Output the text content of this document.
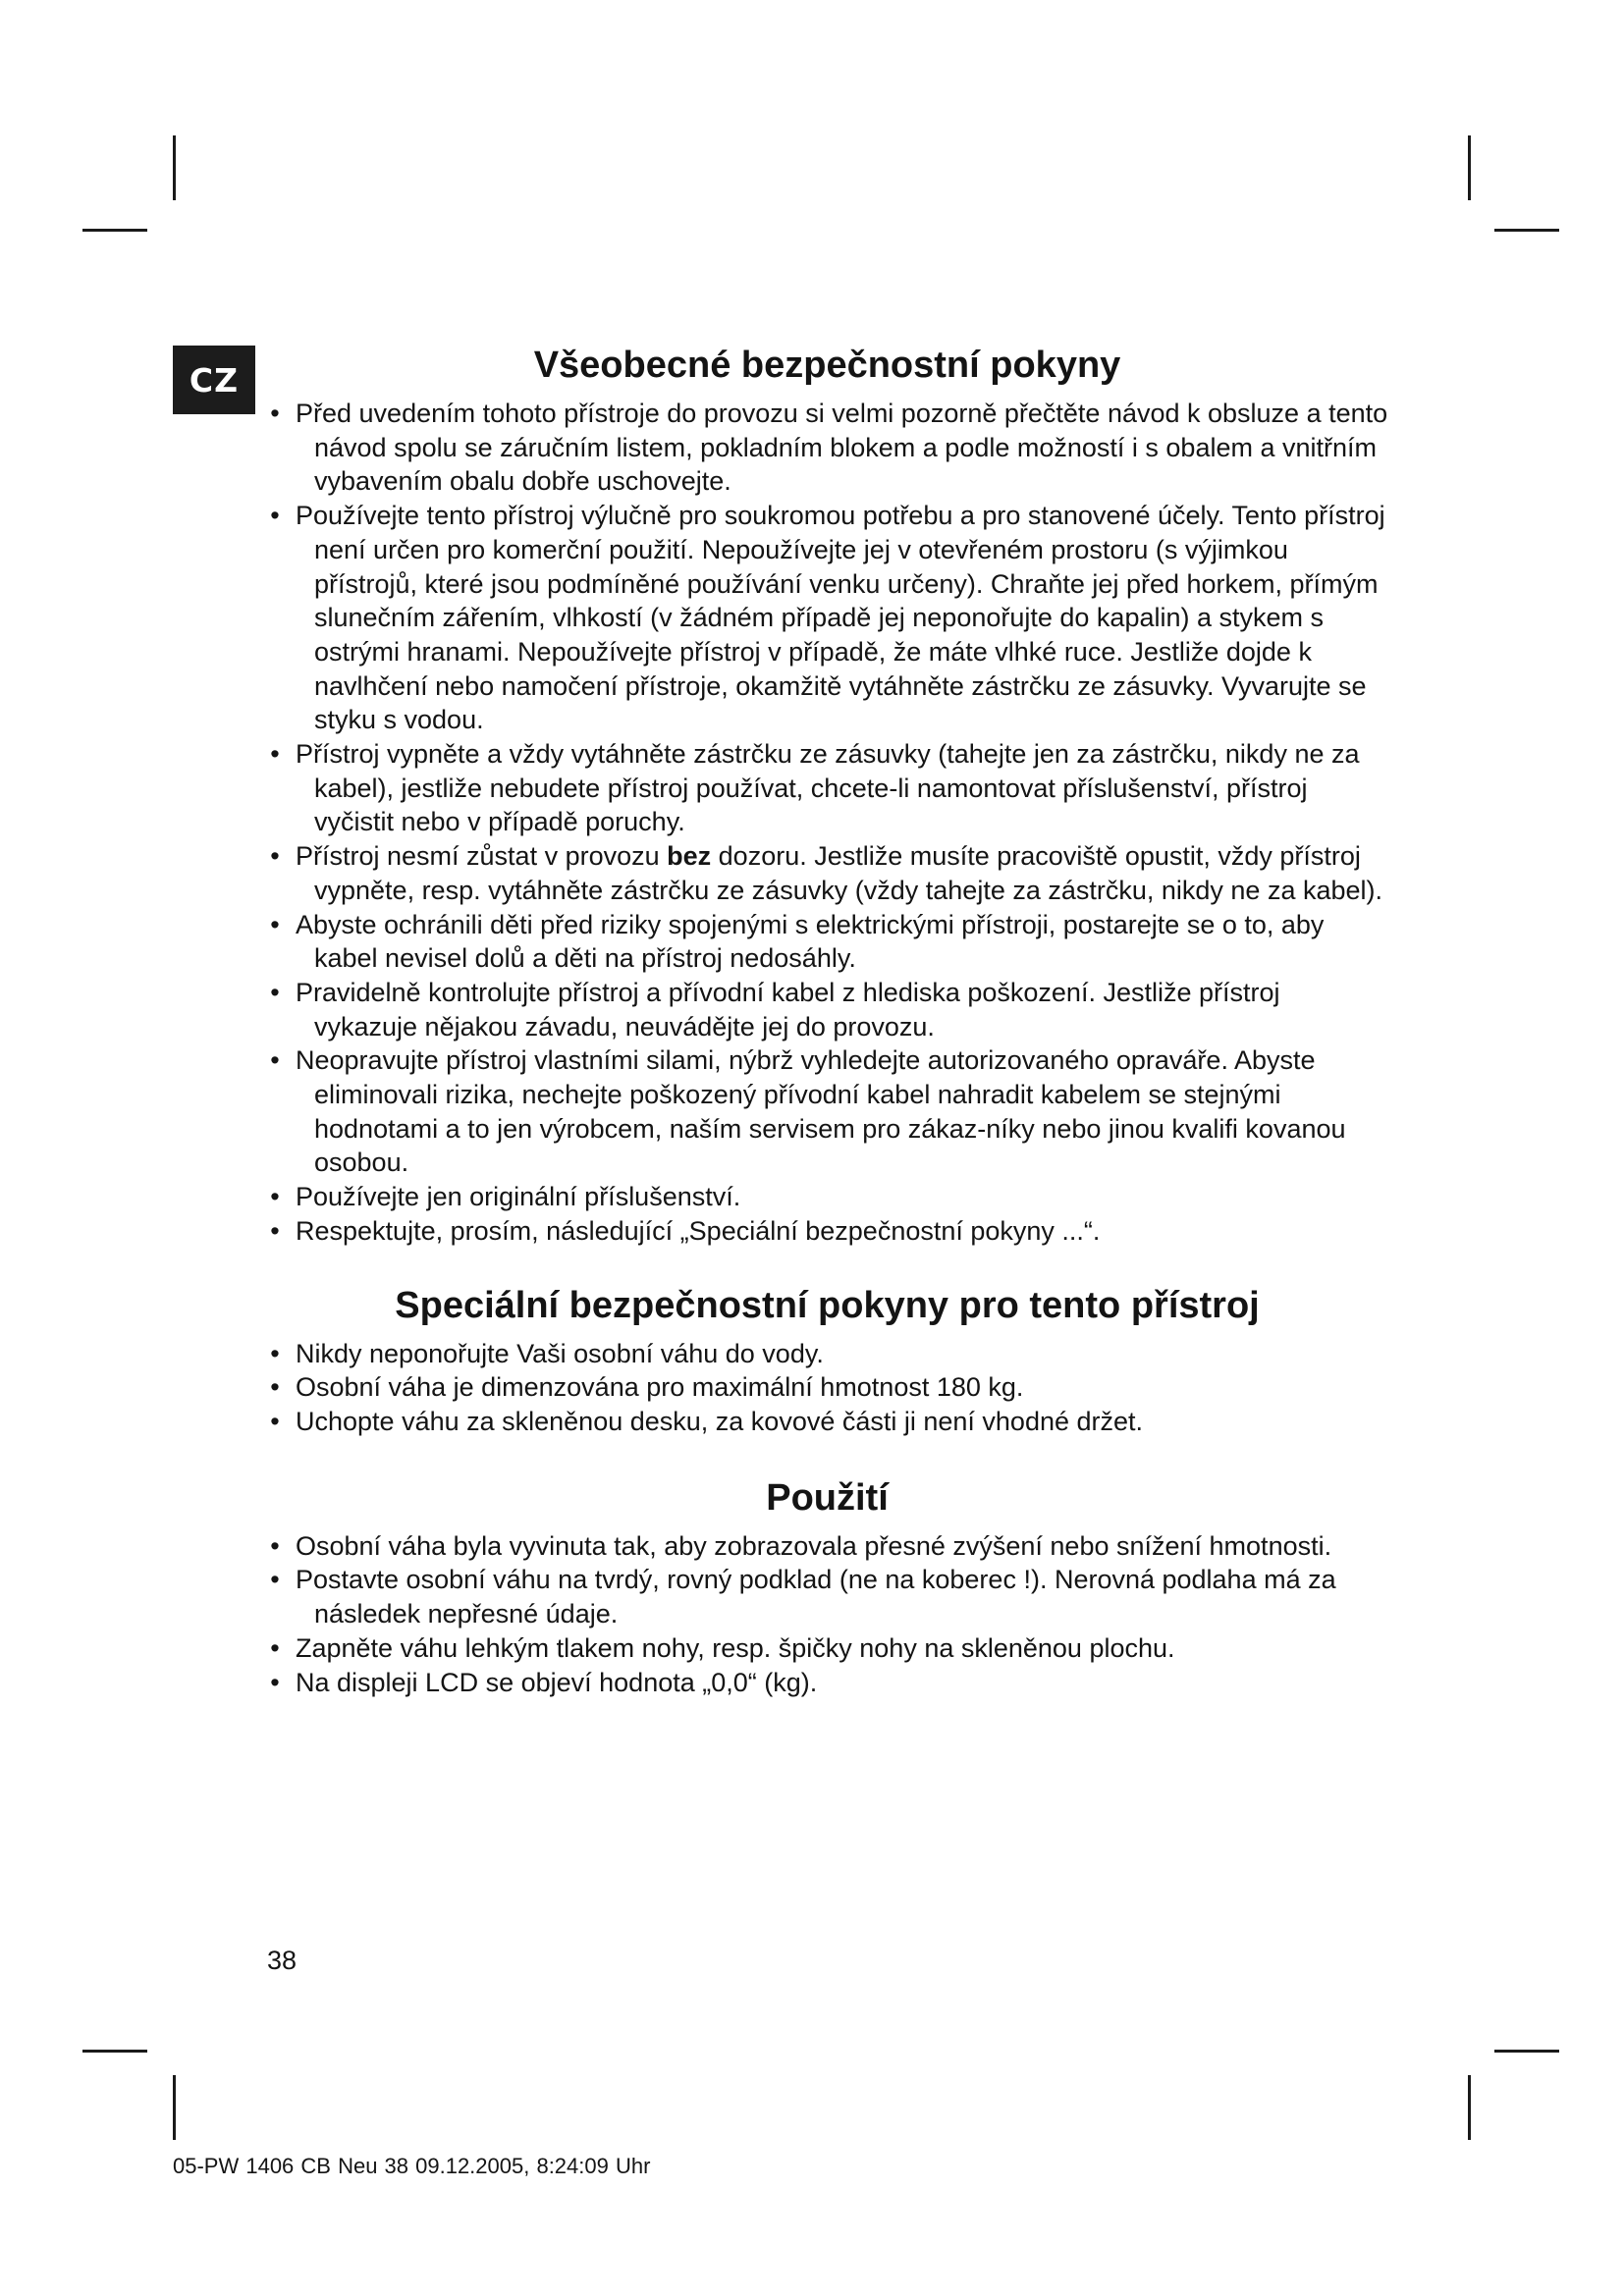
CZ	Všeobecné bezpečnostní pokyny
• Před uvedením tohoto přístroje do provozu si velmi pozorně přečtěte návod k obsluze a tento návod spolu se záručním listem, pokladním blokem a podle možností i s obalem a vnitřním vybavením obalu dobře uschovejte.
• Používejte tento přístroj výlučně pro soukromou potřebu a pro stanovené účely. Tento přístroj není určen pro komerční použití. Nepoužívejte jej v otevřeném prostoru (s výjimkou přístrojů, které jsou podmíněné používání venku určeny). Chraňte jej před horkem, přímým slunečním zářením, vlhkostí (v žádném případě jej neponořujte do kapalin) a stykem s ostrými hranami. Nepoužívejte přístroj v případě, že máte vlhké ruce. Jestliže dojde k navlhčení nebo namočení přístroje, okamžitě vytáhněte zástrčku ze zásuvky. Vyvarujte se styku s vodou.
• Přístroj vypněte a vždy vytáhněte zástrčku ze zásuvky (tahejte jen za zástrčku, nikdy ne za kabel), jestliže nebudete přístroj používat, chcete-li namontovat příslušenství, přístroj vyčistit nebo v případě poruchy.
• Přístroj nesmí zůstat v provozu bez dozoru. Jestliže musíte pracoviště opustit, vždy přístroj vypněte, resp. vytáhněte zástrčku ze zásuvky (vždy tahejte za zástrčku, nikdy ne za kabel).
• Abyste ochránili děti před riziky spojenými s elektrickými přístroji, postarejte se o to, aby kabel nevisel dolů a děti na přístroj nedosáhly.
• Pravidelně kontrolujte přístroj a přívodní kabel z hlediska poškození. Jestliže přístroj vykazuje nějakou závadu, neuvádějte jej do provozu.
• Neopravujte přístroj vlastními silami, nýbrž vyhledejte autorizovaného opraváře. Abyste eliminovali rizika, nechejte poškozený přívodní kabel nahradit kabelem se stejnými hodnotami a to jen výrobcem, naším servisem pro zákaz-níky nebo jinou kvalifi kovanou osobou.
• Používejte jen originální příslušenství.
• Respektujte, prosím, následující „Speciální bezpečnostní pokyny ...“.
Speciální bezpečnostní pokyny pro tento přístroj
• Nikdy neponořujte Vaši osobní váhu do vody.
• Osobní váha je dimenzována pro maximální hmotnost 180 kg.
• Uchopte váhu za skleněnou desku, za kovové části ji není vhodné držet.
Použití
• Osobní váha byla vyvinuta tak, aby zobrazovala přesné zvýšení nebo snížení hmotnosti.
• Postavte osobní váhu na tvrdý, rovný podklad (ne na koberec !). Nerovná podlaha má za následek nepřesné údaje.
• Zapněte váhu lehkým tlakem nohy, resp. špičky nohy na skleněnou plochu.
• Na displeji LCD se objeví hodnota „0,0“ (kg).
38
05-PW 1406 CB Neu 38 09.12.2005, 8:24:09 Uhr
